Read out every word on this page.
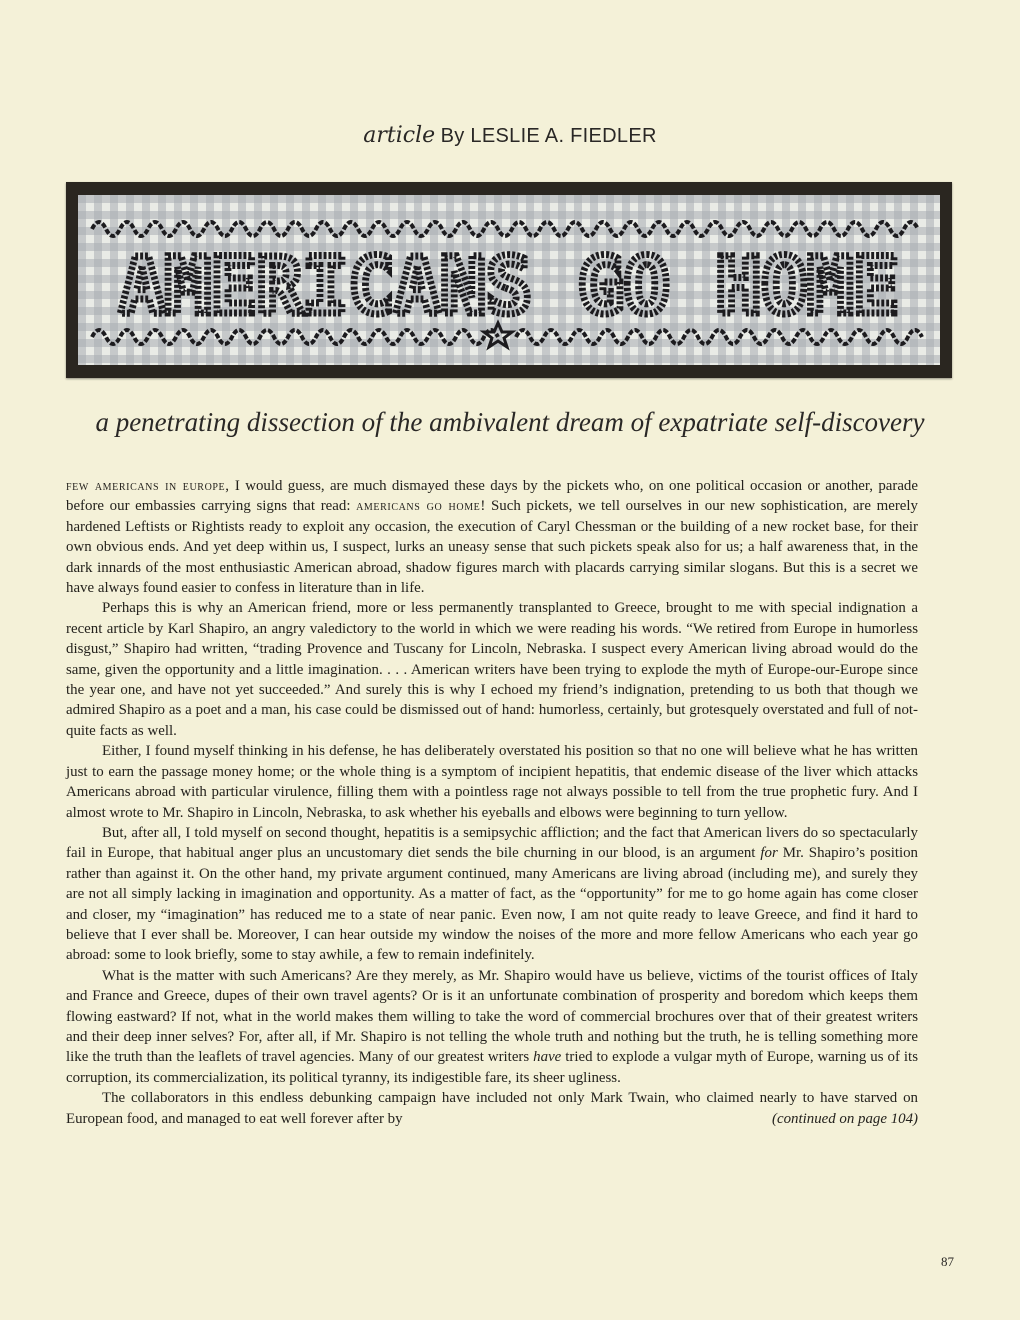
article By LESLIE A. FIEDLER
AMERICANS GO HOME
a penetrating dissection of the ambivalent dream of expatriate self-discovery

few americans in europe, I would guess, are much dismayed these days by the pickets who, on one political occasion or another, parade before our embassies carrying signs that read: americans go home! Such pickets, we tell ourselves in our new sophistication, are merely hardened Leftists or Rightists ready to exploit any occasion, the execution of Caryl Chessman or the building of a new rocket base, for their own obvious ends. And yet deep within us, I suspect, lurks an uneasy sense that such pickets speak also for us; a half awareness that, in the dark innards of the most enthusiastic American abroad, shadow figures march with placards carrying similar slogans. But this is a secret we have always found easier to confess in literature than in life.

Perhaps this is why an American friend, more or less permanently transplanted to Greece, brought to me with special indignation a recent article by Karl Shapiro, an angry valedictory to the world in which we were reading his words. “We retired from Europe in humorless disgust,” Shapiro had written, “trading Provence and Tuscany for Lincoln, Nebraska. I suspect every American living abroad would do the same, given the opportunity and a little imagination. . . . American writers have been trying to explode the myth of Europe-our-Europe since the year one, and have not yet succeeded.” And surely this is why I echoed my friend’s indignation, pretending to us both that though we admired Shapiro as a poet and a man, his case could be dismissed out of hand: humorless, certainly, but grotesquely overstated and full of not-quite facts as well.

Either, I found myself thinking in his defense, he has deliberately overstated his position so that no one will believe what he has written just to earn the passage money home; or the whole thing is a symptom of incipient hepatitis, that endemic disease of the liver which attacks Americans abroad with particular virulence, filling them with a pointless rage not always possible to tell from the true prophetic fury. And I almost wrote to Mr. Shapiro in Lincoln, Nebraska, to ask whether his eyeballs and elbows were beginning to turn yellow.

But, after all, I told myself on second thought, hepatitis is a semipsychic affliction; and the fact that American livers do so spectacularly fail in Europe, that habitual anger plus an uncustomary diet sends the bile churning in our blood, is an argument for Mr. Shapiro’s position rather than against it. On the other hand, my private argument continued, many Americans are living abroad (including me), and surely they are not all simply lacking in imagination and opportunity. As a matter of fact, as the “opportunity” for me to go home again has come closer and closer, my “imagination” has reduced me to a state of near panic. Even now, I am not quite ready to leave Greece, and find it hard to believe that I ever shall be. Moreover, I can hear outside my window the noises of the more and more fellow Americans who each year go abroad: some to look briefly, some to stay awhile, a few to remain indefinitely.

What is the matter with such Americans? Are they merely, as Mr. Shapiro would have us believe, victims of the tourist offices of Italy and France and Greece, dupes of their own travel agents? Or is it an unfortunate combination of prosperity and boredom which keeps them flowing eastward? If not, what in the world makes them willing to take the word of commercial brochures over that of their greatest writers and their deep inner selves? For, after all, if Mr. Shapiro is not telling the whole truth and nothing but the truth, he is telling something more like the truth than the leaflets of travel agencies. Many of our greatest writers have tried to explode a vulgar myth of Europe, warning us of its corruption, its commercialization, its political tyranny, its indigestible fare, its sheer ugliness.

The collaborators in this endless debunking campaign have included not only Mark Twain, who claimed nearly to have starved on European food, and managed to eat well forever after by	(continued on page 104)

87
